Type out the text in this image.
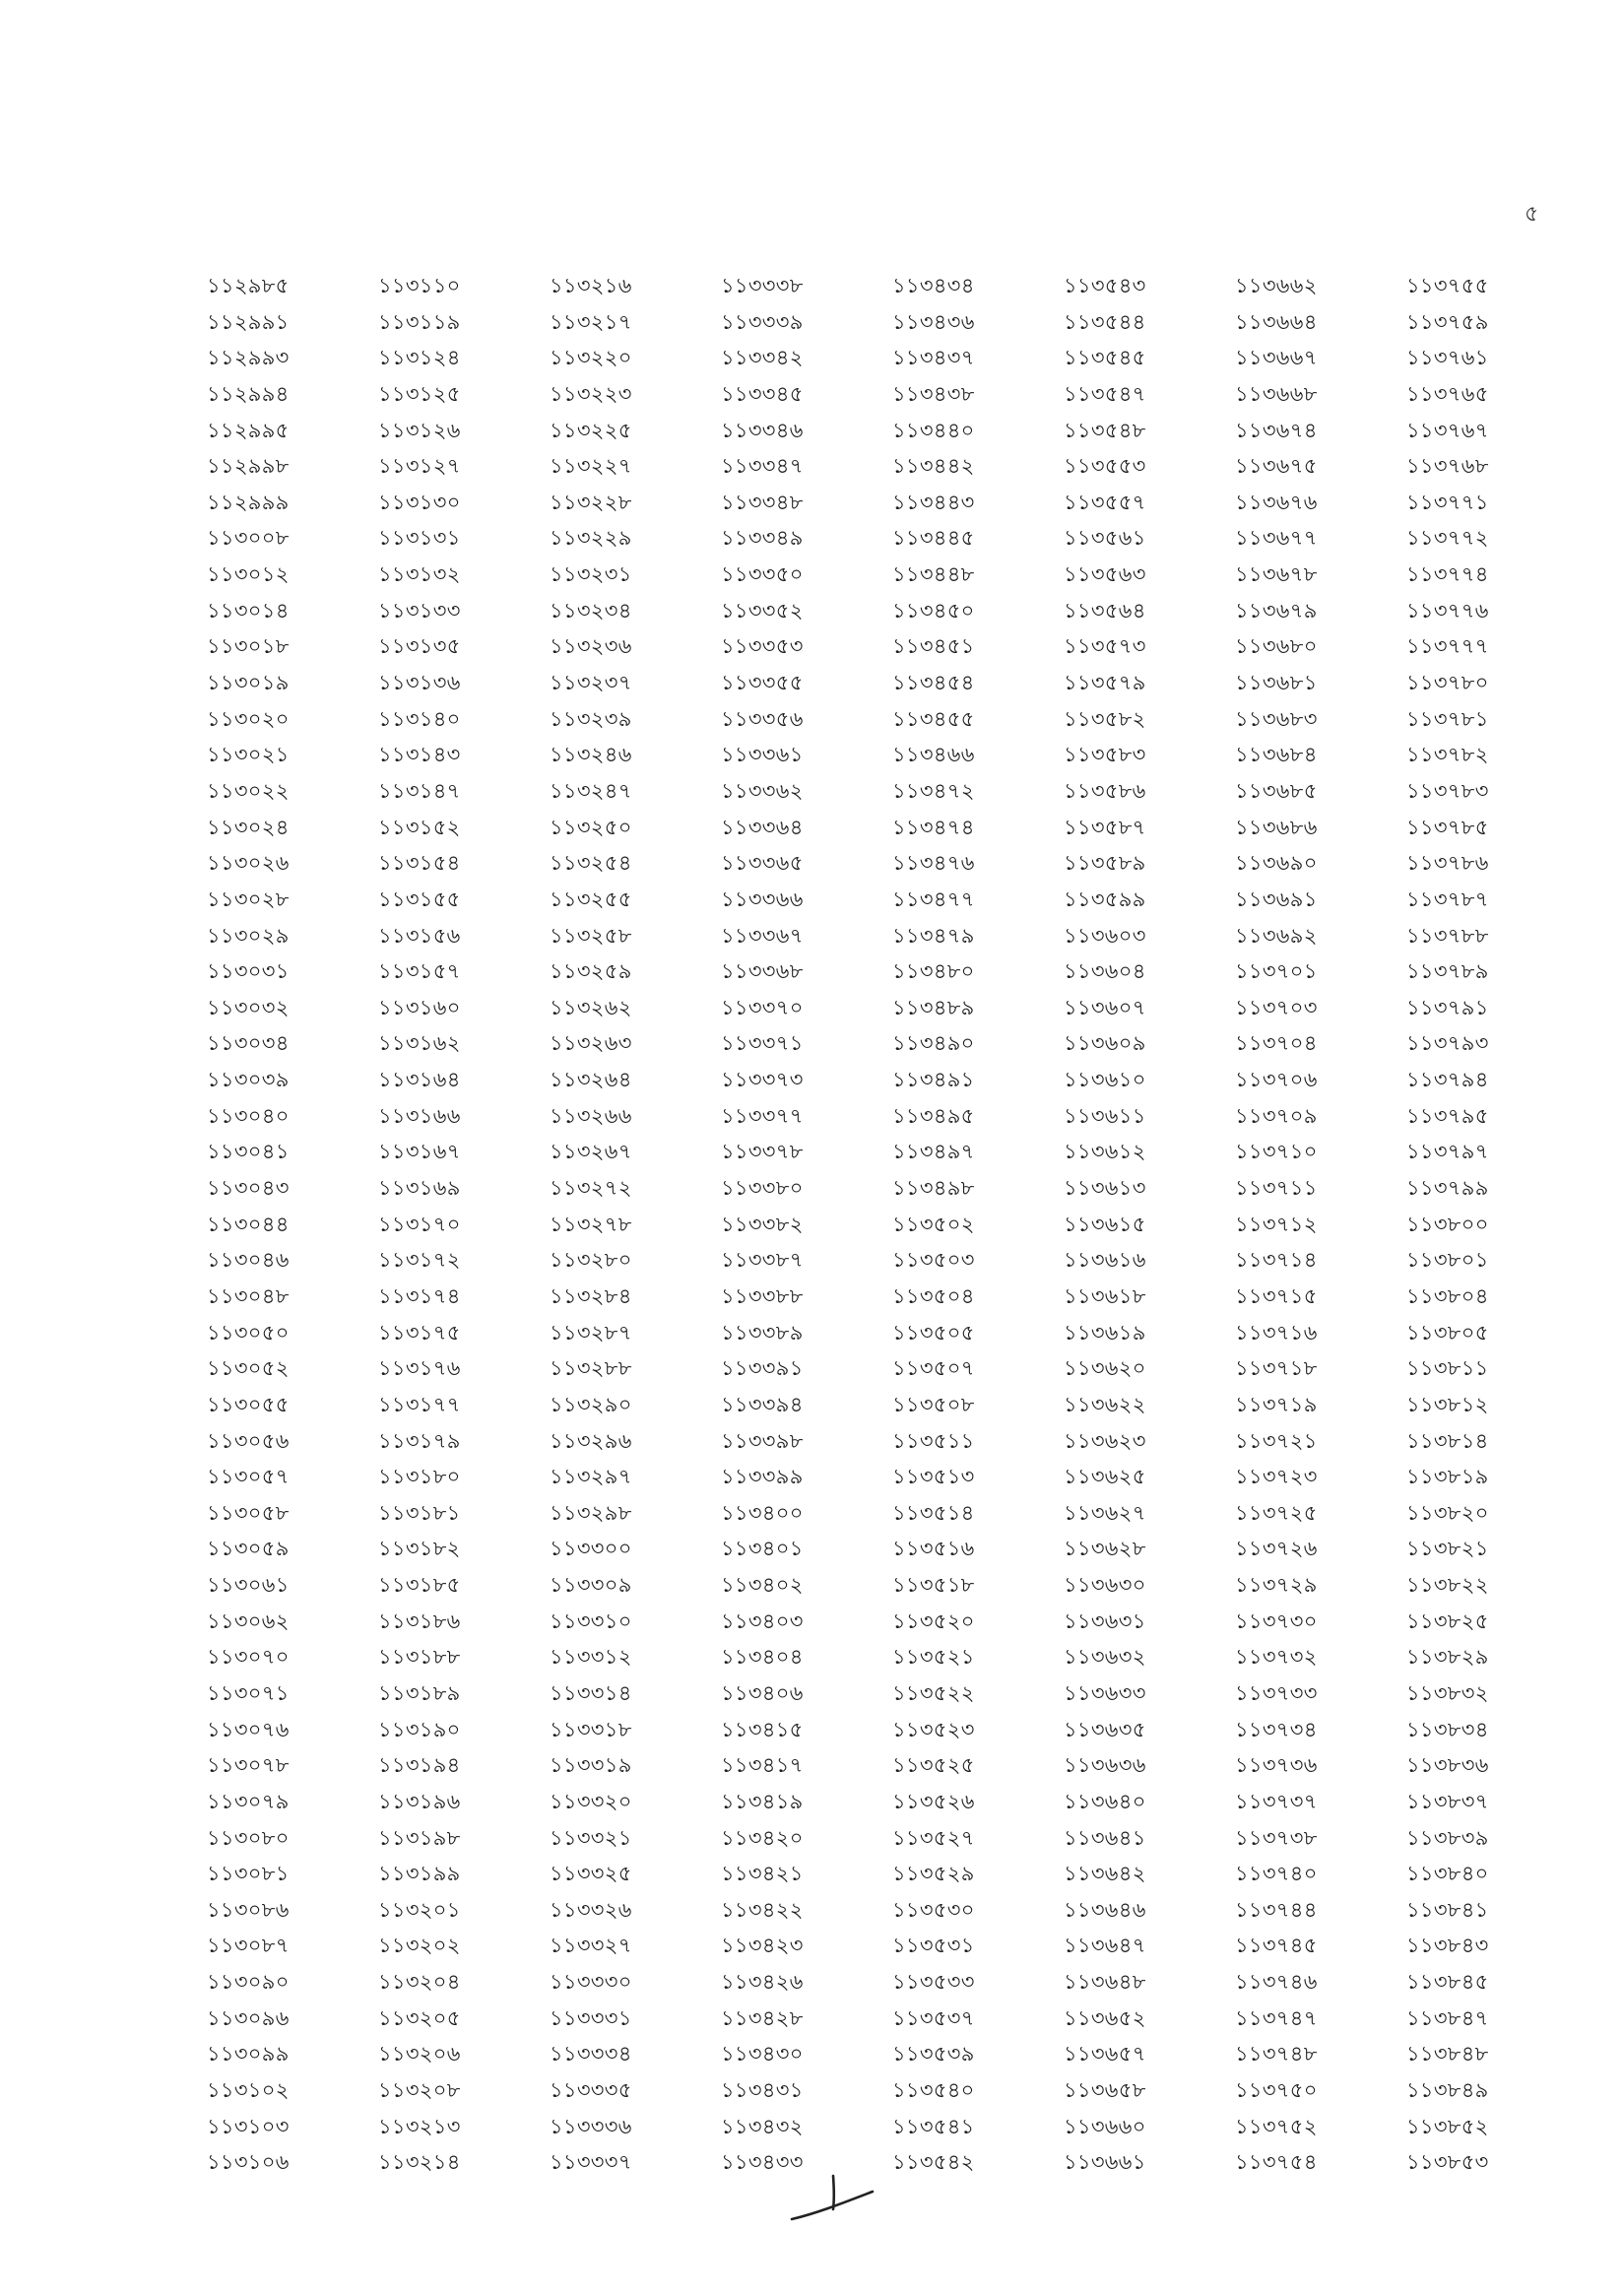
৫
১১২৯৮৫
১১২৯৯১
১১২৯৯৩
১১২৯৯৪
১১২৯৯৫
১১২৯৯৮
১১২৯৯৯
১১৩০০৮
১১৩০১২
১১৩০১৪
১১৩০১৮
১১৩০১৯
১১৩০২০
১১৩০২১
১১৩০২২
১১৩০২৪
১১৩০২৬
১১৩০২৮
১১৩০২৯
১১৩০৩১
১১৩০৩২
১১৩০৩৪
১১৩০৩৯
১১৩০৪০
১১৩০৪১
১১৩০৪৩
১১৩০৪৪
১১৩০৪৬
১১৩০৪৮
১১৩০৫০
১১৩০৫২
১১৩০৫৫
১১৩০৫৬
১১৩০৫৭
১১৩০৫৮
১১৩০৫৯
১১৩০৬১
১১৩০৬২
১১৩০৭০
১১৩০৭১
১১৩০৭৬
১১৩০৭৮
১১৩০৭৯
১১৩০৮০
১১৩০৮১
১১৩০৮৬
১১৩০৮৭
১১৩০৯০
১১৩০৯৬
১১৩০৯৯
১১৩১০২
১১৩১০৩
১১৩১০৬
১১৩১১০
১১৩১১৯
১১৩১২৪
১১৩১২৫
১১৩১২৬
১১৩১২৭
১১৩১৩০
১১৩১৩১
১১৩১৩২
১১৩১৩৩
১১৩১৩৫
১১৩১৩৬
১১৩১৪০
১১৩১৪৩
১১৩১৪৭
১১৩১৫২
১১৩১৫৪
১১৩১৫৫
১১৩১৫৬
১১৩১৫৭
১১৩১৬০
১১৩১৬২
১১৩১৬৪
১১৩১৬৬
১১৩১৬৭
১১৩১৬৯
১১৩১৭০
১১৩১৭২
১১৩১৭৪
১১৩১৭৫
১১৩১৭৬
১১৩১৭৭
১১৩১৭৯
১১৩১৮০
১১৩১৮১
১১৩১৮২
১১৩১৮৫
১১৩১৮৬
১১৩১৮৮
১১৩১৮৯
১১৩১৯০
১১৩১৯৪
১১৩১৯৬
১১৩১৯৮
১১৩১৯৯
১১৩২০১
১১৩২০২
১১৩২০৪
১১৩২০৫
১১৩২০৬
১১৩২০৮
১১৩২১৩
১১৩২১৪
১১৩২১৬
১১৩২১৭
১১৩২২০
১১৩২২৩
১১৩২২৫
১১৩২২৭
১১৩২২৮
১১৩২২৯
১১৩২৩১
১১৩২৩৪
১১৩২৩৬
১১৩২৩৭
১১৩২৩৯
১১৩২৪৬
১১৩২৪৭
১১৩২৫০
১১৩২৫৪
১১৩২৫৫
১১৩২৫৮
১১৩২৫৯
১১৩২৬২
১১৩২৬৩
১১৩২৬৪
১১৩২৬৬
১১৩২৬৭
১১৩২৭২
১১৩২৭৮
১১৩২৮০
১১৩২৮৪
১১৩২৮৭
১১৩২৮৮
১১৩২৯০
১১৩২৯৬
১১৩২৯৭
১১৩২৯৮
১১৩৩০০
১১৩৩০৯
১১৩৩১০
১১৩৩১২
১১৩৩১৪
১১৩৩১৮
১১৩৩১৯
১১৩৩২০
১১৩৩২১
১১৩৩২৫
১১৩৩২৬
১১৩৩২৭
১১৩৩৩০
১১৩৩৩১
১১৩৩৩৪
১১৩৩৩৫
১১৩৩৩৬
১১৩৩৩৭
১১৩৩৩৮
১১৩৩৩৯
১১৩৩৪২
১১৩৩৪৫
১১৩৩৪৬
১১৩৩৪৭
১১৩৩৪৮
১১৩৩৪৯
১১৩৩৫০
১১৩৩৫২
১১৩৩৫৩
১১৩৩৫৫
১১৩৩৫৬
১১৩৩৬১
১১৩৩৬২
১১৩৩৬৪
১১৩৩৬৫
১১৩৩৬৬
১১৩৩৬৭
১১৩৩৬৮
১১৩৩৭০
১১৩৩৭১
১১৩৩৭৩
১১৩৩৭৭
১১৩৩৭৮
১১৩৩৮০
১১৩৩৮২
১১৩৩৮৭
১১৩৩৮৮
১১৩৩৮৯
১১৩৩৯১
১১৩৩৯৪
১১৩৩৯৮
১১৩৩৯৯
১১৩৪০০
১১৩৪০১
১১৩৪০২
১১৩৪০৩
১১৩৪০৪
১১৩৪০৬
১১৩৪১৫
১১৩৪১৭
১১৩৪১৯
১১৩৪২০
১১৩৪২১
১১৩৪২২
১১৩৪২৩
১১৩৪২৬
১১৩৪২৮
১১৩৪৩০
১১৩৪৩১
১১৩৪৩২
১১৩৪৩৩
১১৩৪৩৪
১১৩৪৩৬
১১৩৪৩৭
১১৩৪৩৮
১১৩৪৪০
১১৩৪৪২
১১৩৪৪৩
১১৩৪৪৫
১১৩৪৪৮
১১৩৪৫০
১১৩৪৫১
১১৩৪৫৪
১১৩৪৫৫
১১৩৪৬৬
১১৩৪৭২
১১৩৪৭৪
১১৩৪৭৬
১১৩৪৭৭
১১৩৪৭৯
১১৩৪৮০
১১৩৪৮৯
১১৩৪৯০
১১৩৪৯১
১১৩৪৯৫
১১৩৪৯৭
১১৩৪৯৮
১১৩৫০২
১১৩৫০৩
১১৩৫০৪
১১৩৫০৫
১১৩৫০৭
১১৩৫০৮
১১৩৫১১
১১৩৫১৩
১১৩৫১৪
১১৩৫১৬
১১৩৫১৮
১১৩৫২০
১১৩৫২১
১১৩৫২২
১১৩৫২৩
১১৩৫২৫
১১৩৫২৬
১১৩৫২৭
১১৩৫২৯
১১৩৫৩০
১১৩৫৩১
১১৩৫৩৩
১১৩৫৩৭
১১৩৫৩৯
১১৩৫৪০
১১৩৫৪১
১১৩৫৪২
১১৩৫৪৩
১১৩৫৪৪
১১৩৫৪৫
১১৩৫৪৭
১১৩৫৪৮
১১৩৫৫৩
১১৩৫৫৭
১১৩৫৬১
১১৩৫৬৩
১১৩৫৬৪
১১৩৫৭৩
১১৩৫৭৯
১১৩৫৮২
১১৩৫৮৩
১১৩৫৮৬
১১৩৫৮৭
১১৩৫৮৯
১১৩৫৯৯
১১৩৬০৩
১১৩৬০৪
১১৩৬০৭
১১৩৬০৯
১১৩৬১০
১১৩৬১১
১১৩৬১২
১১৩৬১৩
১১৩৬১৫
১১৩৬১৬
১১৩৬১৮
১১৩৬১৯
১১৩৬২০
১১৩৬২২
১১৩৬২৩
১১৩৬২৫
১১৩৬২৭
১১৩৬২৮
১১৩৬৩০
১১৩৬৩১
১১৩৬৩২
১১৩৬৩৩
১১৩৬৩৫
১১৩৬৩৬
১১৩৬৪০
১১৩৬৪১
১১৩৬৪২
১১৩৬৪৬
১১৩৬৪৭
১১৩৬৪৮
১১৩৬৫২
১১৩৬৫৭
১১৩৬৫৮
১১৩৬৬০
১১৩৬৬১
১১৩৬৬২
১১৩৬৬৪
১১৩৬৬৭
১১৩৬৬৮
১১৩৬৭৪
১১৩৬৭৫
১১৩৬৭৬
১১৩৬৭৭
১১৩৬৭৮
১১৩৬৭৯
১১৩৬৮০
১১৩৬৮১
১১৩৬৮৩
১১৩৬৮৪
১১৩৬৮৫
১১৩৬৮৬
১১৩৬৯০
১১৩৬৯১
১১৩৬৯২
১১৩৭০১
১১৩৭০৩
১১৩৭০৪
১১৩৭০৬
১১৩৭০৯
১১৩৭১০
১১৩৭১১
১১৩৭১২
১১৩৭১৪
১১৩৭১৫
১১৩৭১৬
১১৩৭১৮
১১৩৭১৯
১১৩৭২১
১১৩৭২৩
১১৩৭২৫
১১৩৭২৬
১১৩৭২৯
১১৩৭৩০
১১৩৭৩২
১১৩৭৩৩
১১৩৭৩৪
১১৩৭৩৬
১১৩৭৩৭
১১৩৭৩৮
১১৩৭৪০
১১৩৭৪৪
১১৩৭৪৫
১১৩৭৪৬
১১৩৭৪৭
১১৩৭৪৮
১১৩৭৫০
১১৩৭৫২
১১৩৭৫৪
১১৩৭৫৫
১১৩৭৫৯
১১৩৭৬১
১১৩৭৬৫
১১৩৭৬৭
১১৩৭৬৮
১১৩৭৭১
১১৩৭৭২
১১৩৭৭৪
১১৩৭৭৬
১১৩৭৭৭
১১৩৭৮০
১১৩৭৮১
১১৩৭৮২
১১৩৭৮৩
১১৩৭৮৫
১১৩৭৮৬
১১৩৭৮৭
১১৩৭৮৮
১১৩৭৮৯
১১৩৭৯১
১১৩৭৯৩
১১৩৭৯৪
১১৩৭৯৫
১১৩৭৯৭
১১৩৭৯৯
১১৩৮০০
১১৩৮০১
১১৩৮০৪
১১৩৮০৫
১১৩৮১১
১১৩৮১২
১১৩৮১৪
১১৩৮১৯
১১৩৮২০
১১৩৮২১
১১৩৮২২
১১৩৮২৫
১১৩৮২৯
১১৩৮৩২
১১৩৮৩৪
১১৩৮৩৬
১১৩৮৩৭
১১৩৮৩৯
১১৩৮৪০
১১৩৮৪১
১১৩৮৪৩
১১৩৮৪৫
১১৩৮৪৭
১১৩৮৪৮
১১৩৮৪৯
১১৩৮৫২
১১৩৮৫৩
